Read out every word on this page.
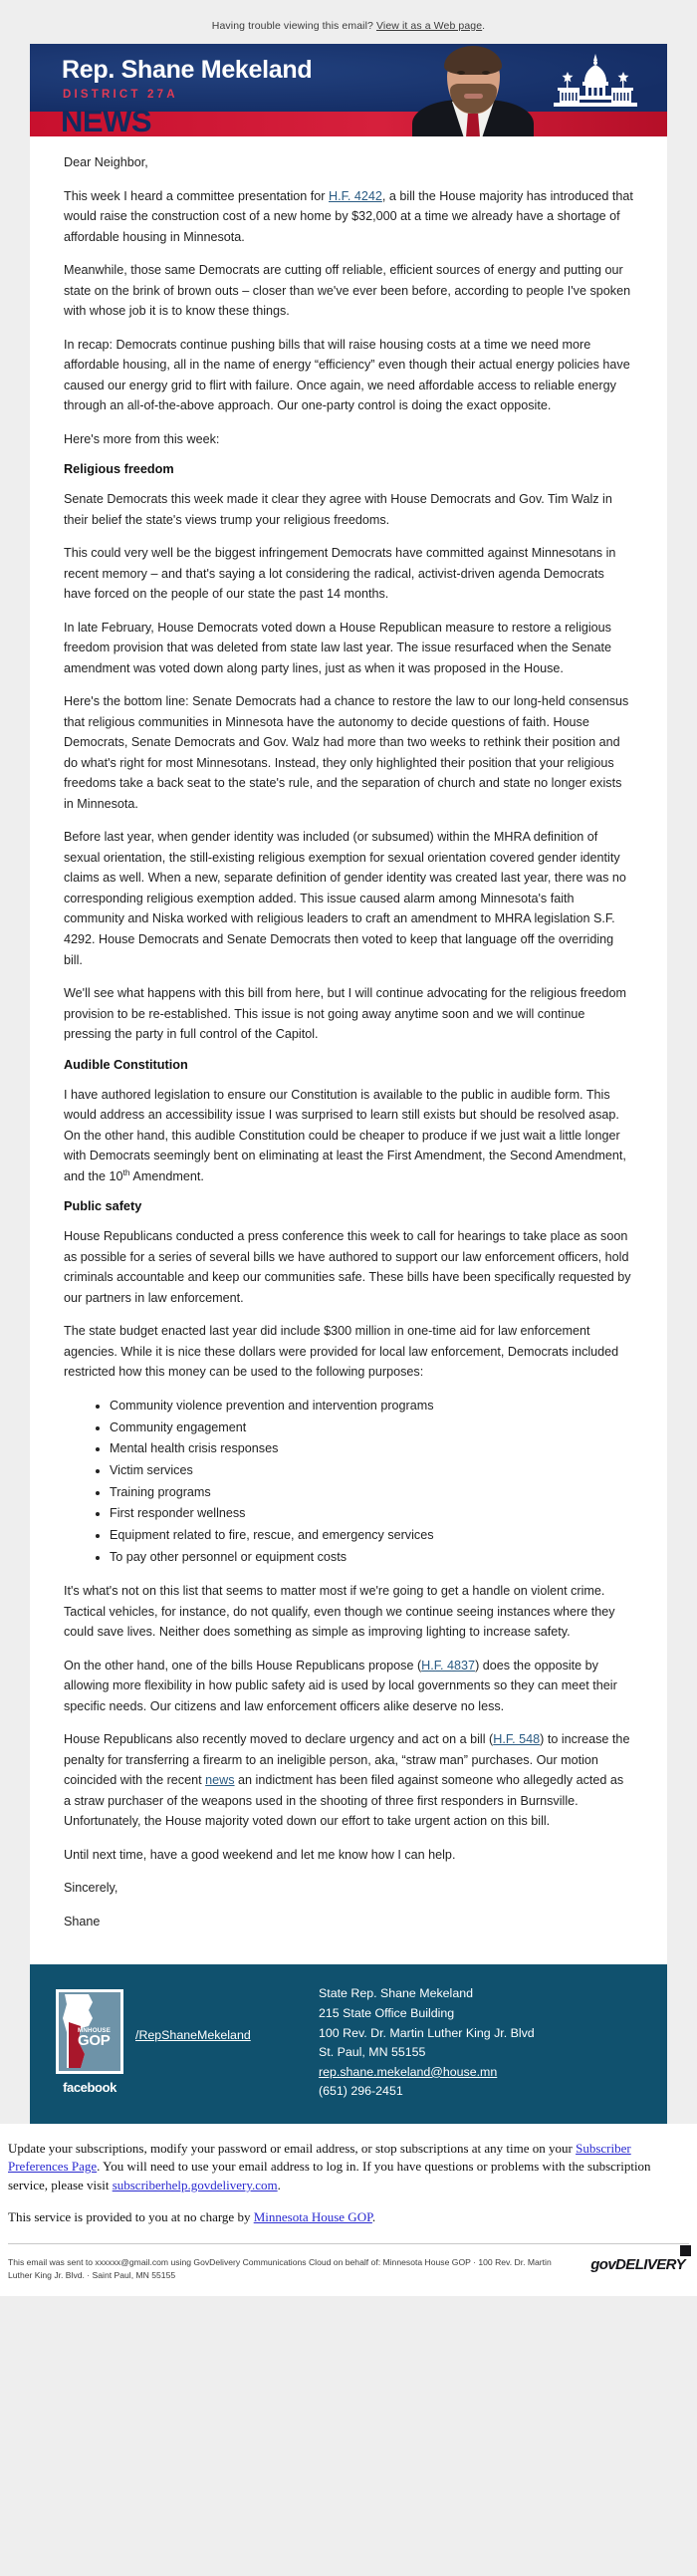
Having trouble viewing this email? View it as a Web page.
Rep. Shane Mekeland
DISTRICT 27A
NEWS

Dear Neighbor,

This week I heard a committee presentation for H.F. 4242, a bill the House majority has introduced that would raise the construction cost of a new home by $32,000 at a time we already have a shortage of affordable housing in Minnesota.

Meanwhile, those same Democrats are cutting off reliable, efficient sources of energy and putting our state on the brink of brown outs – closer than we've ever been before, according to people I've spoken with whose job it is to know these things.

In recap: Democrats continue pushing bills that will raise housing costs at a time we need more affordable housing, all in the name of energy “efficiency” even though their actual energy policies have caused our energy grid to flirt with failure. Once again, we need affordable access to reliable energy through an all-of-the-above approach. Our one-party control is doing the exact opposite.

Here's more from this week:

Religious freedom

Senate Democrats this week made it clear they agree with House Democrats and Gov. Tim Walz in their belief the state's views trump your religious freedoms.

This could very well be the biggest infringement Democrats have committed against Minnesotans in recent memory – and that's saying a lot considering the radical, activist-driven agenda Democrats have forced on the people of our state the past 14 months.

In late February, House Democrats voted down a House Republican measure to restore a religious freedom provision that was deleted from state law last year. The issue resurfaced when the Senate amendment was voted down along party lines, just as when it was proposed in the House.

Here's the bottom line: Senate Democrats had a chance to restore the law to our long-held consensus that religious communities in Minnesota have the autonomy to decide questions of faith. House Democrats, Senate Democrats and Gov. Walz had more than two weeks to rethink their position and do what's right for most Minnesotans. Instead, they only highlighted their position that your religious freedoms take a back seat to the state's rule, and the separation of church and state no longer exists in Minnesota.

Before last year, when gender identity was included (or subsumed) within the MHRA definition of sexual orientation, the still-existing religious exemption for sexual orientation covered gender identity claims as well. When a new, separate definition of gender identity was created last year, there was no corresponding religious exemption added. This issue caused alarm among Minnesota's faith community and Niska worked with religious leaders to craft an amendment to MHRA legislation S.F. 4292. House Democrats and Senate Democrats then voted to keep that language off the overriding bill.

We'll see what happens with this bill from here, but I will continue advocating for the religious freedom provision to be re-established. This issue is not going away anytime soon and we will continue pressing the party in full control of the Capitol.

Audible Constitution

I have authored legislation to ensure our Constitution is available to the public in audible form. This would address an accessibility issue I was surprised to learn still exists but should be resolved asap. On the other hand, this audible Constitution could be cheaper to produce if we just wait a little longer with Democrats seemingly bent on eliminating at least the First Amendment, the Second Amendment, and the 10th Amendment.

Public safety

House Republicans conducted a press conference this week to call for hearings to take place as soon as possible for a series of several bills we have authored to support our law enforcement officers, hold criminals accountable and keep our communities safe. These bills have been specifically requested by our partners in law enforcement.

The state budget enacted last year did include $300 million in one-time aid for law enforcement agencies. While it is nice these dollars were provided for local law enforcement, Democrats included restricted how this money can be used to the following purposes:

• Community violence prevention and intervention programs
• Community engagement
• Mental health crisis responses
• Victim services
• Training programs
• First responder wellness
• Equipment related to fire, rescue, and emergency services
• To pay other personnel or equipment costs

It's what's not on this list that seems to matter most if we're going to get a handle on violent crime. Tactical vehicles, for instance, do not qualify, even though we continue seeing instances where they could save lives. Neither does something as simple as improving lighting to increase safety.

On the other hand, one of the bills House Republicans propose (H.F. 4837) does the opposite by allowing more flexibility in how public safety aid is used by local governments so they can meet their specific needs. Our citizens and law enforcement officers alike deserve no less.

House Republicans also recently moved to declare urgency and act on a bill (H.F. 548) to increase the penalty for transferring a firearm to an ineligible person, aka, “straw man” purchases. Our motion coincided with the recent news an indictment has been filed against someone who allegedly acted as a straw purchaser of the weapons used in the shooting of three first responders in Burnsville. Unfortunately, the House majority voted down our effort to take urgent action on this bill.

Until next time, have a good weekend and let me know how I can help.

Sincerely,

Shane

MNHOUSE
GOP
facebook
/RepShaneMekeland
State Rep. Shane Mekeland
215 State Office Building
100 Rev. Dr. Martin Luther King Jr. Blvd
St. Paul, MN 55155
rep.shane.mekeland@house.mn
(651) 296-2451

Update your subscriptions, modify your password or email address, or stop subscriptions at any time on your Subscriber Preferences Page. You will need to use your email address to log in. If you have questions or problems with the subscription service, please visit subscriberhelp.govdelivery.com.

This service is provided to you at no charge by Minnesota House GOP.

This email was sent to xxxxxx@gmail.com using GovDelivery Communications Cloud on behalf of: Minnesota House GOP · 100 Rev. Dr. Martin Luther King Jr. Blvd. · Saint Paul, MN 55155
govDELIVERY
